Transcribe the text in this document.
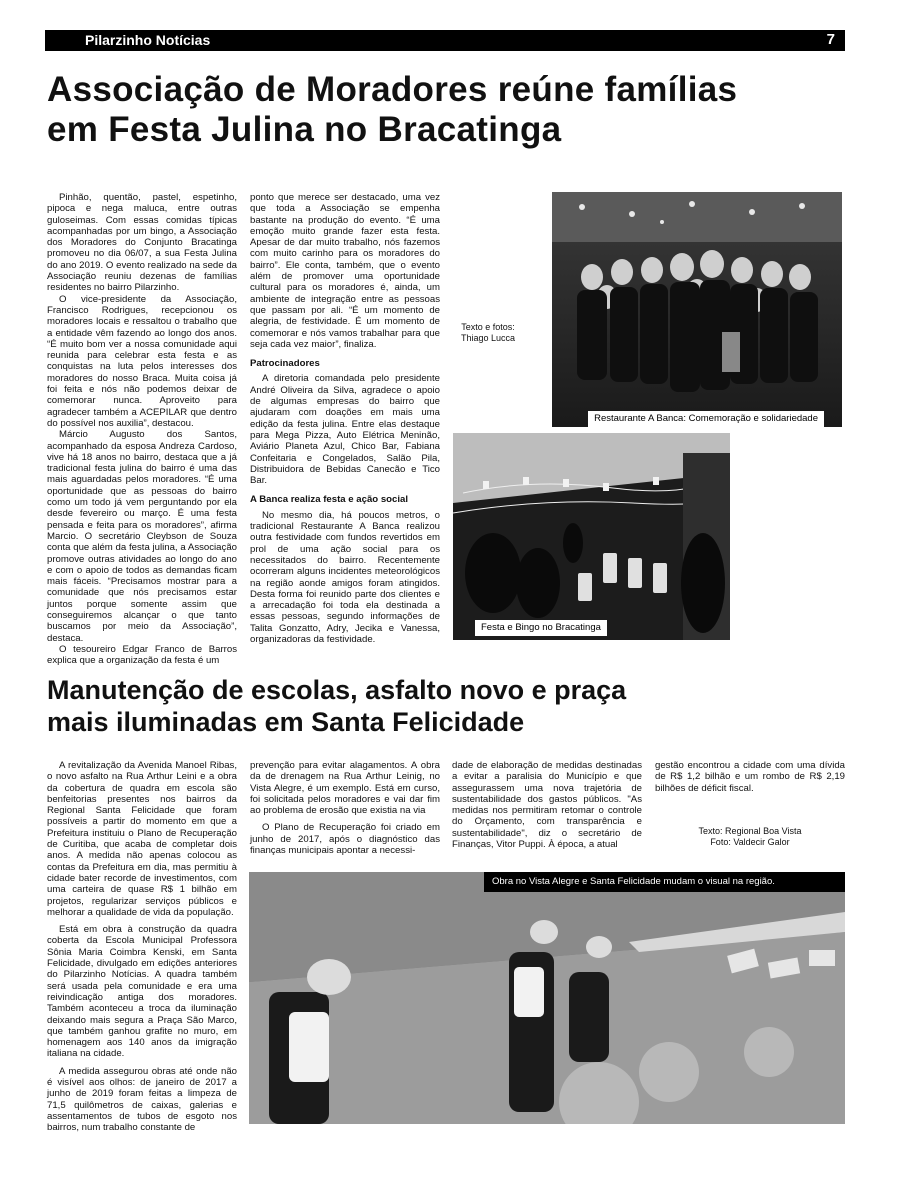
Pilarzinho Notícias	7
Associação de Moradores reúne famílias
em Festa Julina no Bracatinga

Pinhão, quentão, pastel, espetinho, pipoca e nega maluca, entre outras guloseimas. Com essas comidas típicas acompanhadas por um bingo, a Associação dos Moradores do Conjunto Bracatinga promoveu no dia 06/07, a sua Festa Julina do ano 2019. O evento realizado na sede da Associação reuniu dezenas de famílias residentes no bairro Pilarzinho.

O vice-presidente da Associação, Francisco Rodrigues, recepcionou os moradores locais e ressaltou o trabalho que a entidade vêm fazendo ao longo dos anos. “É muito bom ver a nossa comunidade aqui reunida para celebrar esta festa e as conquistas na luta pelos interesses dos moradores do nosso Braca. Muita coisa já foi feita e nós não podemos deixar de comemorar nunca. Aproveito para agradecer também a ACEPILAR que dentro do possível nos auxilia”, destacou.

Márcio Augusto dos Santos, acompanhado da esposa Andreza Cardoso, vive há 18 anos no bairro, destaca que a já tradicional festa julina do bairro é uma das mais aguardadas pelos moradores. “É uma oportunidade que as pessoas do bairro como um todo já vem perguntando por ela desde fevereiro ou março. É uma festa pensada e feita para os moradores”, afirma Marcio. O secretário Cleybson de Souza conta que além da festa julina, a Associação promove outras atividades ao longo do ano e com o apoio de todos as demandas ficam mais fáceis. “Precisamos mostrar para a comunidade que nós precisamos estar juntos porque somente assim que conseguiremos alcançar o que tanto buscamos por meio da Associação”, destaca.

O tesoureiro Edgar Franco de Barros explica que a organização da festa é um

ponto que merece ser destacado, uma vez que toda a Associação se empenha bastante na produção do evento. “É uma emoção muito grande fazer esta festa. Apesar de dar muito trabalho, nós fazemos com muito carinho para os moradores do bairro”. Ele conta, também, que o evento além de promover uma oportunidade cultural para os moradores é, ainda, um ambiente de integração entre as pessoas que passam por ali. “É um momento de alegria, de festividade. É um momento de comemorar e nós vamos trabalhar para que seja cada vez maior”, finaliza.

Patrocinadores

A diretoria comandada pelo presidente André Oliveira da Silva, agradece o apoio de algumas empresas do bairro que ajudaram com doações em mais uma edição da festa julina. Entre elas destaque para Mega Pizza, Auto Elétrica Meninão, Aviário Planeta Azul, Chico Bar, Fabiana Confeitaria e Congelados, Salão Pila, Distribuidora de Bebidas Canecão e Tico Bar.

A Banca realiza festa e ação social

No mesmo dia, há poucos metros, o tradicional Restaurante A Banca realizou outra festividade com fundos revertidos em prol de uma ação social para os necessitados do bairro. Recentemente ocorreram alguns incidentes meteorológicos na região aonde amigos foram atingidos. Desta forma foi reunido parte dos clientes e a arrecadação foi toda ela destinada a essas pessoas, segundo informações de Talita Gonzatto, Adry, Jecika e Vanessa, organizadoras da festividade.

Texto e fotos: Thiago Lucca
Restaurante A Banca: Comemoração e solidariedade
Festa e Bingo no Bracatinga
Manutenção de escolas, asfalto novo e praça
mais iluminadas em Santa Felicidade

A revitalização da Avenida Manoel Ribas, o novo asfalto na Rua Arthur Leini e a obra da cobertura de quadra em escola são benfeitorias presentes nos bairros da Regional Santa Felicidade que foram possíveis a partir do momento em que a Prefeitura instituiu o Plano de Recuperação de Curitiba, que acaba de completar dois anos. A medida não apenas colocou as contas da Prefeitura em dia, mas permitiu à cidade bater recorde de investimentos, com uma carteira de quase R$ 1 bilhão em projetos, regularizar serviços públicos e melhorar a qualidade de vida da população.

Está em obra à construção da quadra coberta da Escola Municipal Professora Sônia Maria Coimbra Kenski, em Santa Felicidade, divulgado em edições anteriores do Pilarzinho Notícias. A quadra também será usada pela comunidade e era uma reivindicação antiga dos moradores. Também aconteceu a troca da iluminação deixando mais segura a Praça São Marco, que também ganhou grafite no muro, em homenagem aos 140 anos da imigração italiana na cidade.

A medida assegurou obras até onde não é visível aos olhos: de janeiro de 2017 a junho de 2019 foram feitas a limpeza de 71,5 quilômetros de caixas, galerias e assentamentos de tubos de esgoto nos bairros, num trabalho constante de

prevenção para evitar alagamentos. A obra da de drenagem na Rua Arthur Leinig, no Vista Alegre, é um exemplo. Está em curso, foi solicitada pelos moradores e vai dar fim ao problema de erosão que existia na via

O Plano de Recuperação foi criado em junho de 2017, após o diagnóstico das finanças municipais apontar a necessi-

dade de elaboração de medidas destinadas a evitar a paralisia do Município e que assegurassem uma nova trajetória de sustentabilidade dos gastos públicos. "As medidas nos permitiram retomar o controle do Orçamento, com transparência e sustentabilidade", diz o secretário de Finanças, Vitor Puppi. À época, a atual

gestão encontrou a cidade com uma dívida de R$ 1,2 bilhão e um rombo de R$ 2,19 bilhões de déficit fiscal.

Texto: Regional Boa Vista
Foto: Valdecir Galor
Obra no Vista Alegre e Santa Felicidade mudam o visual na região.
